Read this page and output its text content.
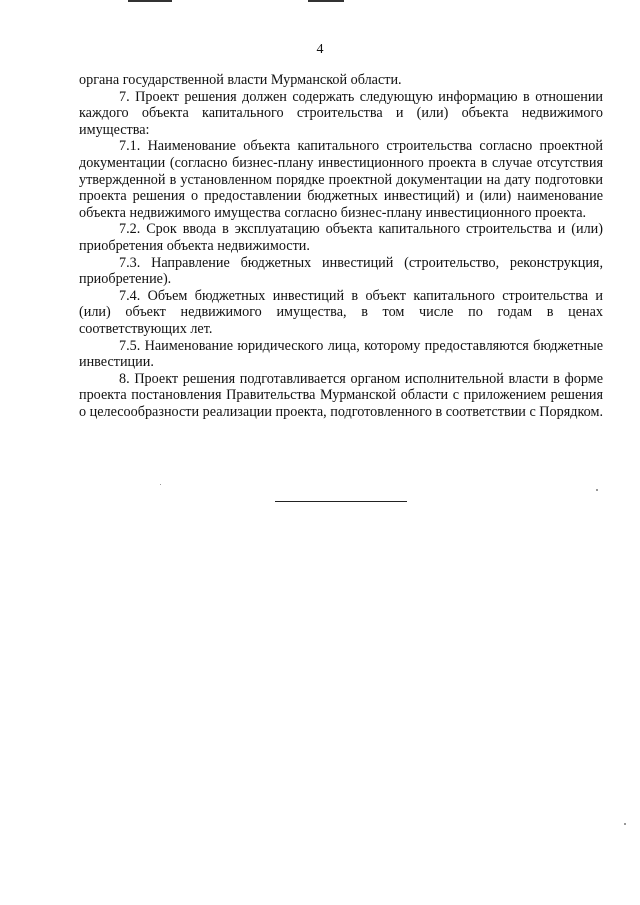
4

органа государственной власти Мурманской области.

7. Проект решения должен содержать следующую информацию в отношении каждого объекта капитального строительства и (или) объекта недвижимого имущества:

7.1. Наименование объекта капитального строительства согласно проектной документации (согласно бизнес-плану инвестиционного проекта в случае отсутствия утвержденной в установленном порядке проектной документации на дату подготовки проекта решения о предоставлении бюджетных инвестиций) и (или) наименование объекта недвижимого имущества согласно бизнес-плану инвестиционного проекта.

7.2. Срок ввода в эксплуатацию объекта капитального строительства и (или) приобретения объекта недвижимости.

7.3. Направление бюджетных инвестиций (строительство, реконструкция, приобретение).

7.4. Объем бюджетных инвестиций в объект капитального строительства и (или) объект недвижимого имущества, в том числе по годам в ценах соответствующих лет.

7.5. Наименование юридического лица, которому предоставляются бюджетные инвестиции.

8. Проект решения подготавливается органом исполнительной власти в форме проекта постановления Правительства Мурманской области с приложением решения о целесообразности реализации проекта, подготовленного в соответствии с Порядком.
